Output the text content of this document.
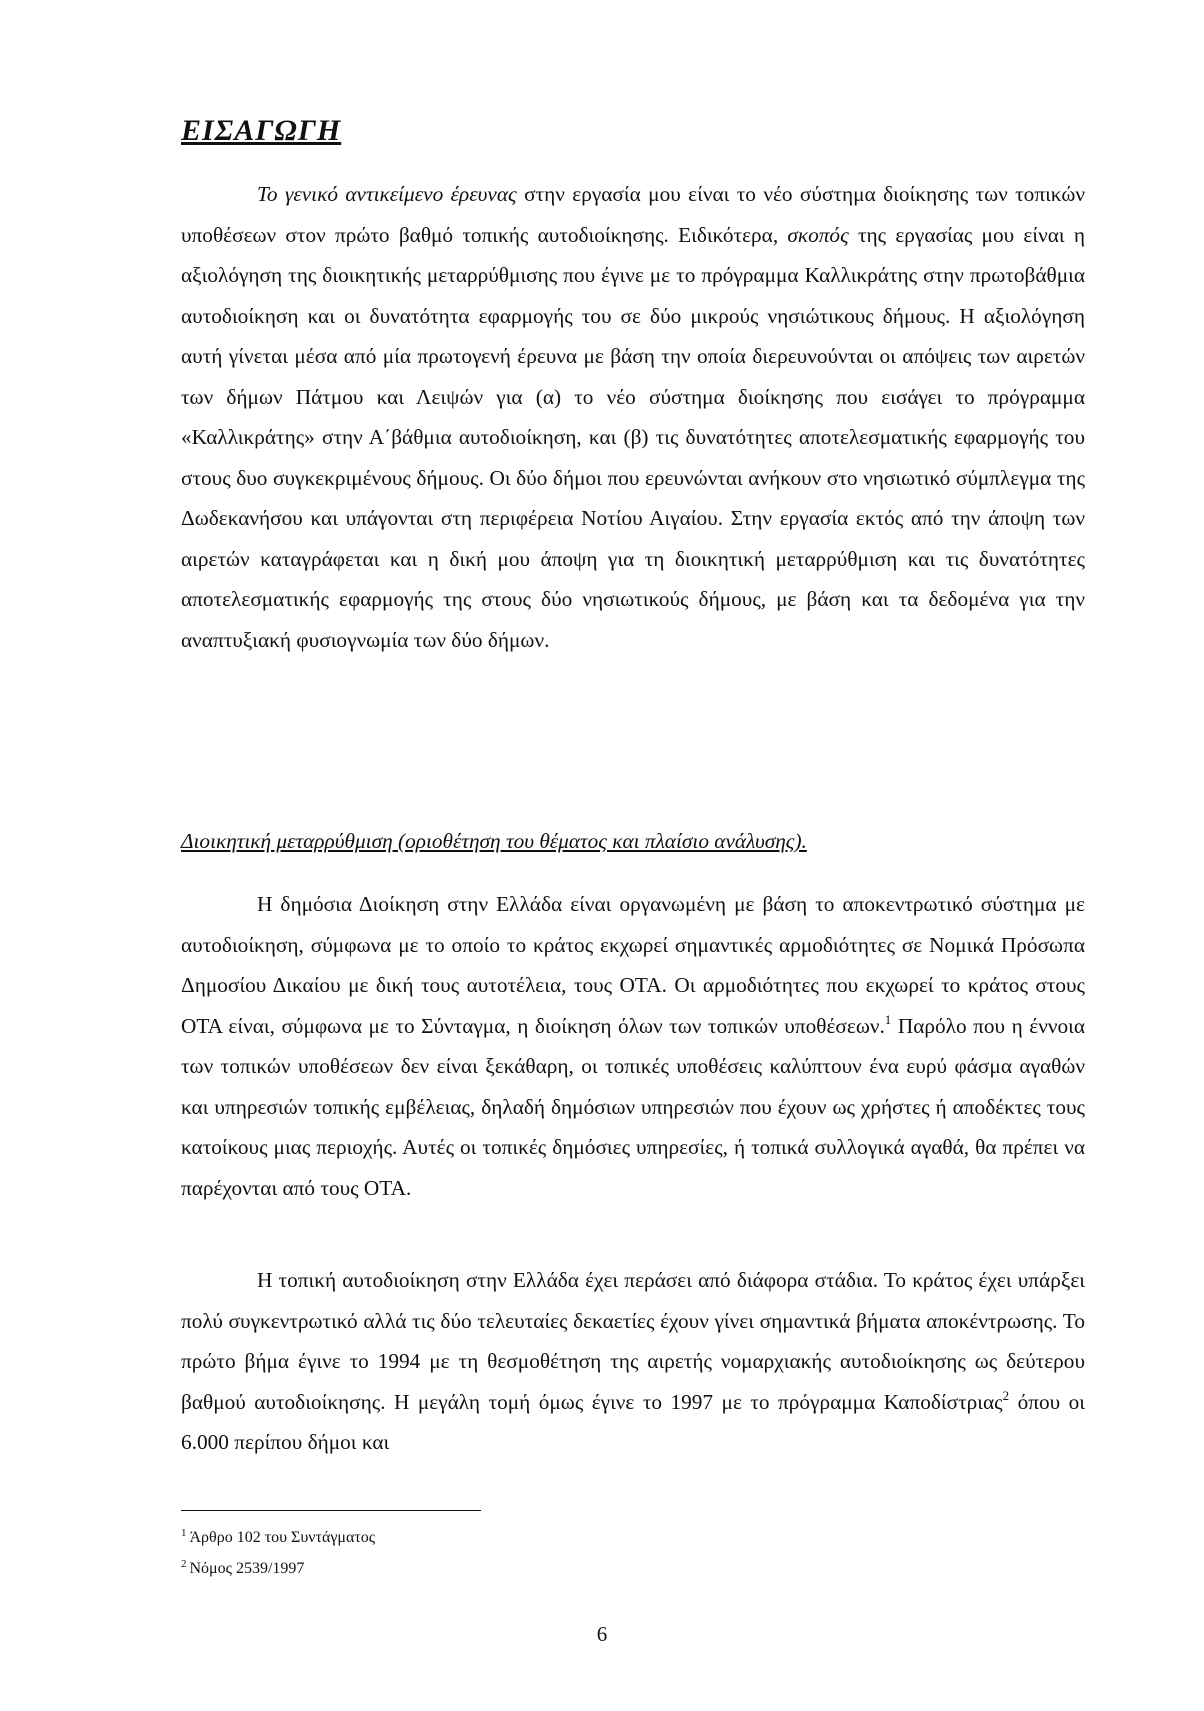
ΕΙΣΑΓΩΓΗ

Το γενικό αντικείμενο έρευνας στην εργασία μου είναι το νέο σύστημα διοίκησης των τοπικών υποθέσεων στον πρώτο βαθμό τοπικής αυτοδιοίκησης. Ειδικότερα, σκοπός της εργασίας μου είναι η αξιολόγηση της διοικητικής μεταρρύθμισης που έγινε με το πρόγραμμα Καλλικράτης στην πρωτοβάθμια αυτοδιοίκηση και οι δυνατότητα εφαρμογής του σε δύο μικρούς νησιώτικους δήμους. Η αξιολόγηση αυτή γίνεται μέσα από μία πρωτογενή έρευνα με βάση την οποία διερευνούνται οι απόψεις των αιρετών των δήμων Πάτμου και Λειψών για (α) το νέο σύστημα διοίκησης που εισάγει το πρόγραμμα «Καλλικράτης» στην Α΄βάθμια αυτοδιοίκηση, και (β) τις δυνατότητες αποτελεσματικής εφαρμογής του στους δυο συγκεκριμένους δήμους. Οι δύο δήμοι που ερευνώνται ανήκουν στο νησιωτικό σύμπλεγμα της Δωδεκανήσου και υπάγονται στη περιφέρεια Νοτίου Αιγαίου. Στην εργασία εκτός από την άποψη των αιρετών καταγράφεται και η δική μου άποψη για τη διοικητική μεταρρύθμιση και τις δυνατότητες αποτελεσματικής εφαρμογής της στους δύο νησιωτικούς δήμους, με βάση και τα δεδομένα για την αναπτυξιακή φυσιογνωμία των δύο δήμων.

Διοικητική μεταρρύθμιση (οριοθέτηση του θέματος και πλαίσιο ανάλυσης).

Η δημόσια Διοίκηση στην Ελλάδα είναι οργανωμένη με βάση το αποκεντρωτικό σύστημα με αυτοδιοίκηση, σύμφωνα με το οποίο το κράτος εκχωρεί σημαντικές αρμοδιότητες σε Νομικά Πρόσωπα Δημοσίου Δικαίου με δική τους αυτοτέλεια, τους ΟΤΑ. Οι αρμοδιότητες που εκχωρεί το κράτος στους ΟΤΑ είναι, σύμφωνα με το Σύνταγμα, η διοίκηση όλων των τοπικών υποθέσεων.$^1$ Παρόλο που η έννοια των τοπικών υποθέσεων δεν είναι ξεκάθαρη, οι τοπικές υποθέσεις καλύπτουν ένα ευρύ φάσμα αγαθών και υπηρεσιών τοπικής εμβέλειας, δηλαδή δημόσιων υπηρεσιών που έχουν ως χρήστες ή αποδέκτες τους κατοίκους μιας περιοχής. Αυτές οι τοπικές δημόσιες υπηρεσίες, ή τοπικά συλλογικά αγαθά, θα πρέπει να παρέχονται από τους ΟΤΑ.

Η τοπική αυτοδιοίκηση στην Ελλάδα έχει περάσει από διάφορα στάδια. Το κράτος έχει υπάρξει πολύ συγκεντρωτικό αλλά τις δύο τελευταίες δεκαετίες έχουν γίνει σημαντικά βήματα αποκέντρωσης. Το πρώτο βήμα έγινε το 1994 με τη θεσμοθέτηση της αιρετής νομαρχιακής αυτοδιοίκησης ως δεύτερου βαθμού αυτοδιοίκησης. Η μεγάλη τομή όμως έγινε το 1997 με το πρόγραμμα Καποδίστριας$^2$ όπου οι 6.000 περίπου δήμοι και

$^1$ Άρθρο 102 του Συντάγματος
$^2$ Νόμος 2539/1997
6
